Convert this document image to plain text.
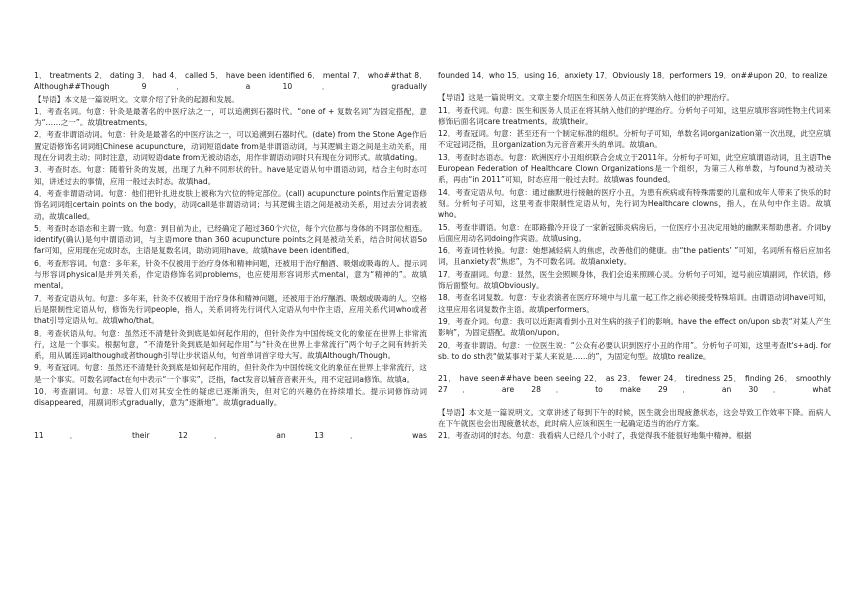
1． treatments 2． dating 3． had 4． called 5． have been identified 6． mental 7． who##that 8． Although##Though 9． a 10． gradually

【导语】本文是一篇说明文。文章介绍了针灸的起源和发展。

1．考查名词。句意：针灸是最著名的中医疗法之一，可以追溯到石器时代。“one of + 复数名词”为固定搭配，意为“……之一”。故填treatments。

2．考查非谓语动词。句意：针灸是最著名的中医疗法之一，可以追溯到石器时代。(date) from the Stone Age作后置定语修饰名词词组Chinese acupuncture，动词短语date from是非谓语动词，与其逻辑主语之间是主动关系，用现在分词表主动；同时注意，动词短语date from无被动语态，用作非谓语动词时只有现在分词形式。故填dating。

3．考查时态。句意：随着针灸的发展，出现了九种不同形状的针。have是定语从句中谓语动词，结合主句时态可知，讲述过去的事情，应用一般过去时态。故填had。

4．考查非谓语动词。句意：他们把针扎进皮肤上被称为穴位的特定部位。(call) acupuncture points作后置定语修饰名词词组certain points on the body，动词call是非谓语动词；与其逻辑主语之间是被动关系，用过去分词表被动。故填called。

5．考查时态语态和主谓一致。句意：到目前为止，已经确定了超过360个穴位，每个穴位都与身体的不同部位相连。identify(确认)是句中谓语动词，与主语more than 360 acupuncture points之间是被动关系，结合时间状语So far可知，应用现在完成时态，主语是复数名词，助动词用have。故填have been identified。

6．考查形容词。句意：多年来，针灸不仅被用于治疗身体和精神问题，还被用于治疗酗酒、吸烟或吸毒的人。提示词与形容词physical是并列关系，作定语修饰名词problems，也应使用形容词形式mental，意为“精神的”。故填mental。

7．考查定语从句。句意：多年来，针灸不仅被用于治疗身体和精神问题，还被用于治疗酗酒、吸烟或吸毒的人。空格后是限制性定语从句，修饰先行词people，指人，关系词将先行词代入定语从句中作主语，应用关系代词who或者that引导定语从句。故填who/that。

8．考查状语从句。句意：虽然还不清楚针灸到底是如何起作用的，但针灸作为中国传统文化的象征在世界上非常流行，这是一个事实。根据句意，“不清楚针灸到底是如何起作用”与“针灸在世界上非常流行”两个句子之间有转折关系，用从属连词although或者though引导让步状语从句，句首单词首字母大写。故填Although/Though。

9．考查冠词。句意：虽然还不清楚针灸到底是如何起作用的，但针灸作为中国传统文化的象征在世界上非常流行，这是一个事实。可数名词fact在句中表示“一个事实”，泛指，fact发音以辅音音素开头，用不定冠词a修饰。故填a。

10．考查副词。句意：尽管人们对其安全性的疑虑已逐渐消失，但对它的兴趣仍在持续增长。提示词修饰动词disappeared，用副词形式gradually，意为“逐渐地”。故填gradually。

11． their 12． an 13． was

founded 14．who 15．using 16．anxiety 17．Obviously 18．performers 19．on##upon 20．to realize

【导语】这是一篇说明文。文章主要介绍医生和医务人员正在将笑纳入他们的护理治疗。

11．考查代词。句意：医生和医务人员正在将其纳入他们的护理治疗。分析句子可知，这里应填形容词性物主代词来修饰后面名词care treatments。故填their。

12．考查冠词。句意：甚至还有一个制定标准的组织。分析句子可知，单数名词organization第一次出现，此空应填不定冠词泛指，且organization为元音音素开头的单词。故填an。

13．考查时态语态。句意：欧洲医疗小丑组织联合会成立于2011年。分析句子可知，此空应填谓语动词，且主语The European Federation of Healthcare Clown Organizations是一个组织，为第三人称单数，与found为被动关系，再由“in 2011”可知，时态应用一般过去时。故填was founded。

14．考查定语从句。句意：通过幽默进行接触的医疗小丑，为患有疾病或有特殊需要的儿童和成年人带来了快乐的时刻。分析句子可知，这里考查非限制性定语从句，先行词为Healthcare clowns，指人，在从句中作主语。故填who。

15．考查非谓语。句意：在耶路撒冷开设了一家新冠肺炎病房后，一位医疗小丑决定用她的幽默来帮助患者。介词by后面应用动名词doing作宾语。故填using。

16．考查词性转换。句意：她想减轻病人的焦虑，改善他们的健康。由“the patients’ ”可知，名词所有格后应加名词，且anxiety表“焦虑”，为不可数名词。故填anxiety。

17．考查副词。句意：显然，医生会照顾身体，我们会追来照顾心灵。分析句子可知，逗号前应填副词，作状语，修饰后面整句。故填Obviously。

18．考查名词复数。句意：专业表演者在医疗环境中与儿童一起工作之前必须接受特殊培训。由谓语动词have可知，这里应用名词复数作主语。故填performers。

19．考查介词。句意：我可以近距离看到小丑对生病的孩子们的影响。have the effect on/upon sb表“对某人产生影响”，为固定搭配。故填on/upon。

20．考查非谓语。句意：一位医生说：“公众有必要认识到医疗小丑的作用”。分析句子可知，这里考查It's+adj. for sb. to do sth表“做某事对于某人来说是……的”，为固定句型。故填to realize。

21． have seen##have been seeing 22． as 23． fewer 24． tiredness 25． finding 26． smoothly 27． are 28． to make 29． an 30． what

【导语】本文是一篇说明文。文章讲述了每到下午的时候，医生就会出现疲惫状态，这会导致工作效率下降。而病人在下午就医也会出现疲惫状态，此时病人应该和医生一起确定适当的治疗方案。

21．考查动词的时态。句意：我看病人已经几个小时了，我觉得我不能很好地集中精神。根据
